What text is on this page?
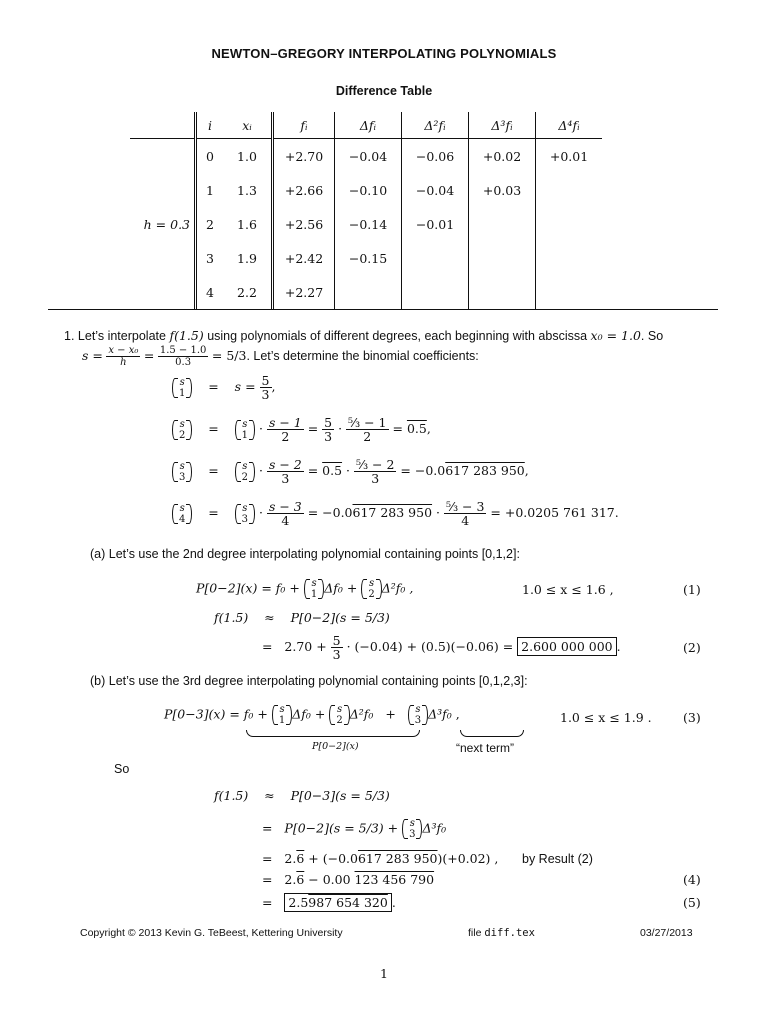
NEWTON–GREGORY INTERPOLATING POLYNOMIALS
Difference Table
	i	xᵢ	fᵢ	Δfᵢ	Δ²fᵢ	Δ³fᵢ	Δ⁴fᵢ
	0	1.0	+2.70	−0.04	−0.06	+0.02	+0.01
	1	1.3	+2.66	−0.10	−0.04	+0.03	
h = 0.3	2	1.6	+2.56	−0.14	−0.01		
	3	1.9	+2.42	−0.15			
	4	2.2	+2.27				
1. Let’s interpolate f(1.5) using polynomials of different degrees, each beginning with abscissa x₀ = 1.0. So
$s = \frac{\text{x − x₀}}{h} = \frac{1.5 - 1.0}{0.3} = 5/3$. Let’s determine the binomial coefficients:
s
$1 = s = \frac{5}{3}$ ,
s
2 = s
$1 \cdot \frac{s - 1}{2} = \frac{5}{3} \cdot \frac{\text{⁵⁄₃ − 1}}{2} = 0.5$,
s
3 = s
$2 \cdot \frac{s - 2}{3} = 0.5 \cdot \frac{\text{⁵⁄₃ − 2}}{3} = -0.0617$ 283 950,
s
4 = s
$3 \cdot \frac{s - 3}{4} = -0.0617$ 283 $950 \cdot \frac{\text{⁵⁄₃ − 3}}{4} = +0.0205$ 761 317.
(a) Let’s use the 2nd degree interpolating polynomial containing points [0,1,2]:
P[0−2](x) = f₀ + s
1 Δf₀ + s
2 Δ²f₀ ,	1.0 ≤ x ≤ 1.6 ,	(1)
f(1.5) ≈ P[0−2](s = 5/3)
= $2.70 + \frac{5}{3} \cdot (-0.04) + (0.5)(-0.06) = 2.600$ 000 000 .	(2)
(b) Let’s use the 3rd degree interpolating polynomial containing points [0,1,2,3]:
P[0−3](x) = f₀ + s
1 Δf₀ + s
2 Δ²f₀ + s
3 Δ³f₀ ,	1.0 ≤ x ≤ 1.9 .	(3)
P[0−2](x)	“next term”
So
f(1.5) ≈ P[0−3](s = 5/3)
= P[0−2](s = 5/3) + s
3 Δ³f₀
= 2.6 + (−0.0617 283 950)(+0.02) , by Result (2)
= 2.6 − 0.00 123 456 790	(4)
= 2.5987 654 320 .	(5)
Copyright © 2013 Kevin G. TeBeest, Kettering University	file diff.tex	03/27/2013
1
